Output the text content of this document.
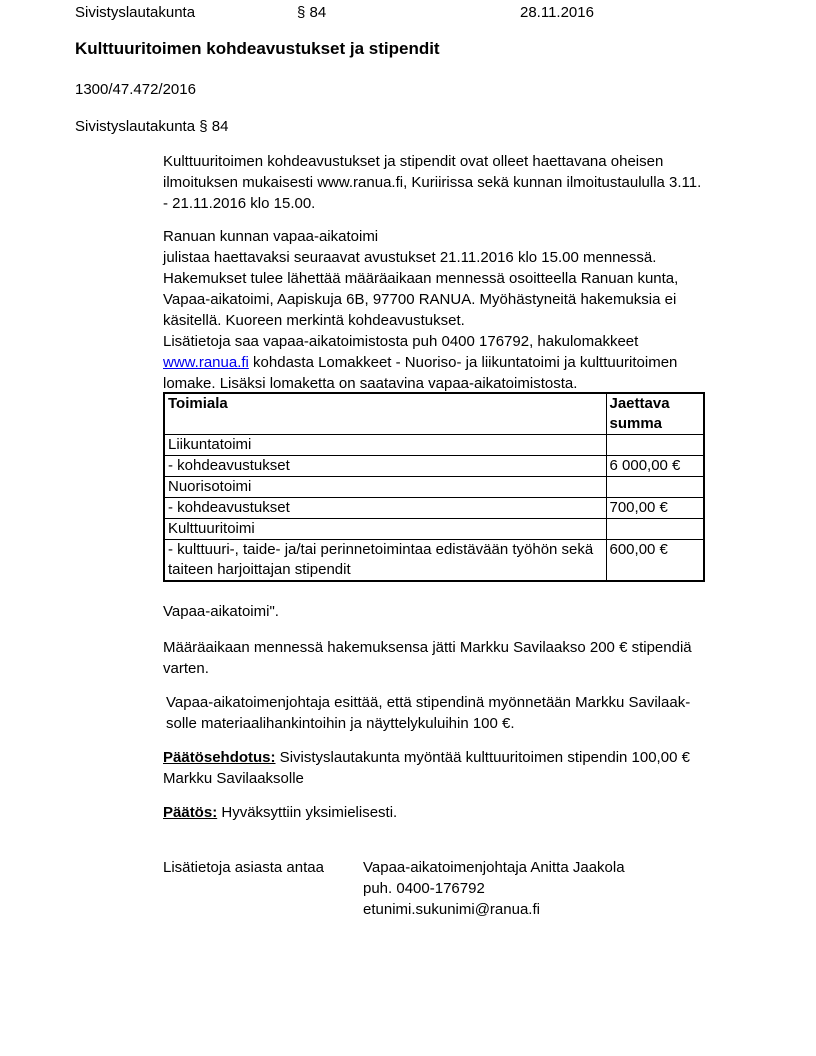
Sivistyslautakunta	§ 84	28.11.2016
Kulttuuritoimen kohdeavustukset ja stipendit
1300/47.472/2016
Sivistyslautakunta § 84
Kulttuuritoimen kohdeavustukset ja stipendit ovat olleet haettavana oheisen
ilmoituksen mukaisesti www.ranua.fi, Kuriirissa sekä kunnan ilmoitustaululla 3.11.
- 21.11.2016 klo 15.00.
Ranuan kunnan vapaa-aikatoimi
julistaa haettavaksi seuraavat avustukset 21.11.2016 klo 15.00 mennessä.
Hakemukset tulee lähettää määräaikaan mennessä osoitteella Ranuan kunta,
Vapaa-aikatoimi, Aapiskuja 6B, 97700 RANUA. Myöhästyneitä hakemuksia ei
käsitellä. Kuoreen merkintä kohdeavustukset.
Lisätietoja saa vapaa-aikatoimistosta puh 0400 176792, hakulomakkeet
www.ranua.fi kohdasta Lomakkeet - Nuoriso- ja liikuntatoimi ja kulttuuritoimen
lomake. Lisäksi lomaketta on saatavina vapaa-aikatoimistosta.
Toimiala	Jaettava summa
Liikuntatoimi	
- kohdeavustukset	6 000,00 €
Nuorisotoimi	
- kohdeavustukset	700,00 €
Kulttuuritoimi	
- kulttuuri-, taide- ja/tai perinnetoimintaa edistävään työhön sekä taiteen harjoittajan stipendit	600,00 €
Vapaa-aikatoimi".
Määräaikaan mennessä hakemuksensa jätti Markku Savilaakso 200 € stipendiä
varten.
Vapaa-aikatoimenjohtaja esittää, että stipendinä myönnetään Markku Savilaak-
solle materiaalihankintoihin ja näyttelykuluihin 100 €.
Päätösehdotus: Sivistyslautakunta myöntää kulttuuritoimen stipendin 100,00 €
Markku Savilaaksolle
Päätös: Hyväksyttiin yksimielisesti.
Lisätietoja asiasta antaa	Vapaa-aikatoimenjohtaja Anitta Jaakola
puh. 0400-176792
etunimi.sukunimi@ranua.fi
